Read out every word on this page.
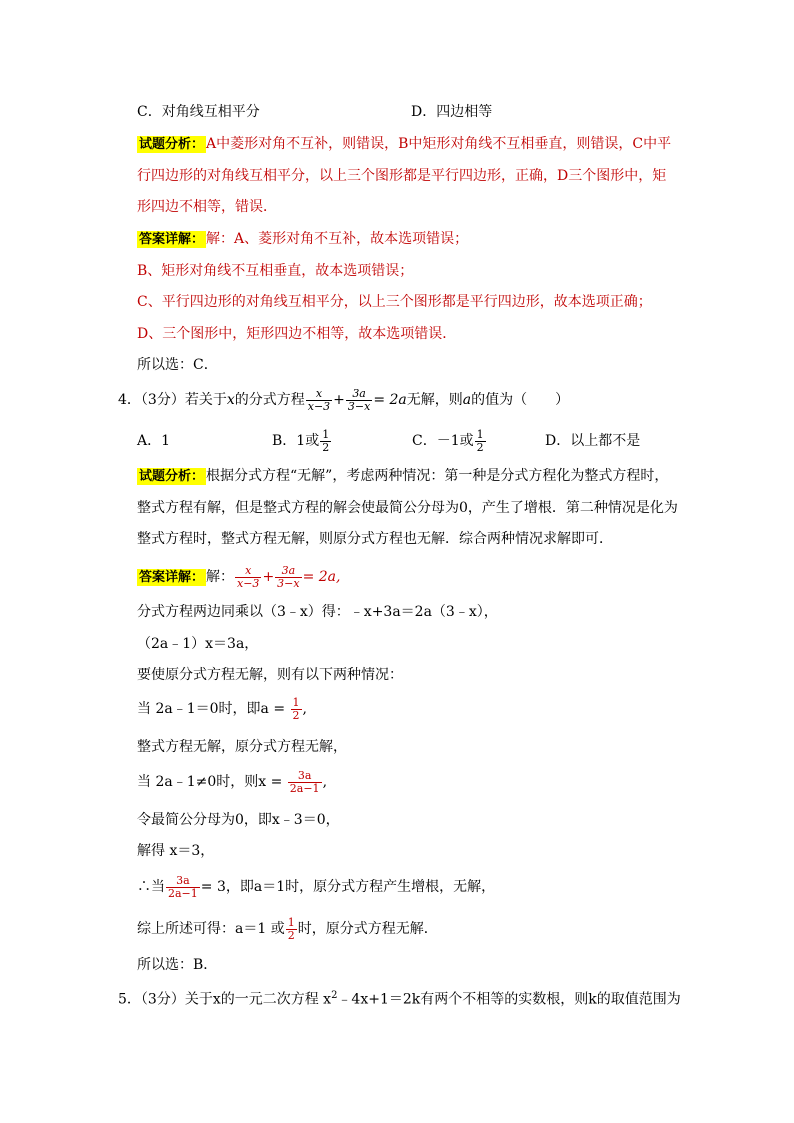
C．对角线互相平分	D．四边相等
试题分析： A中菱形对角不互补，则错误，B中矩形对角线不互相垂直，则错误，C中平
行四边形的对角线互相平分，以上三个图形都是平行四边形，正确，D三个图形中，矩
形四边不相等，错误．
答案详解： 解：A、菱形对角不互补，故本选项错误；
B、矩形对角线不互相垂直，故本选项错误；
C、平行四边形的对角线互相平分，以上三个图形都是平行四边形，故本选项正确；
D、三个图形中，矩形四边不相等，故本选项错误．
所以选：C．
4．（3分）若关于x的分式方程 $\frac{x}{x-3} + \frac{3a}{3-x} = 2a$无解，则a的值为（　　）
A．1	B．1或 $\frac{1}{2}$	C．－1或 $\frac{1}{2}$	D．以上都不是
试题分析： 根据分式方程“无解”，考虑两种情况：第一种是分式方程化为整式方程时，
整式方程有解，但是整式方程的解会使最简公分母为0，产生了增根．第二种情况是化为
整式方程时，整式方程无解，则原分式方程也无解．综合两种情况求解即可．
答案详解： 解： $\frac{x}{x-3} + \frac{3a}{3-x} = 2a$,
分式方程两边同乘以（3﹣x）得：﹣x+3a＝2a（3﹣x），
（2a﹣1）x＝3a，
要使原分式方程无解，则有以下两种情况：
当 2a﹣1＝0时，即$a = \frac{1}{2}$ ,
整式方程无解，原分式方程无解，
当 2a﹣1≠0时，则$x = \frac{3a}{2a-1}$ ,
令最简公分母为0，即x﹣3＝0，
解得 x＝3，
∴当 $\frac{3a}{2a-1} = 3$，即a＝1时，原分式方程产生增根，无解，
综上所述可得：a＝1 或 $\frac{1}{2}$ 时，原分式方程无解．
所以选：B．
5．（3分）关于x的一元二次方程 $x^2﹣4x+1=2k$有两个不相等的实数根，则k的取值范围为
